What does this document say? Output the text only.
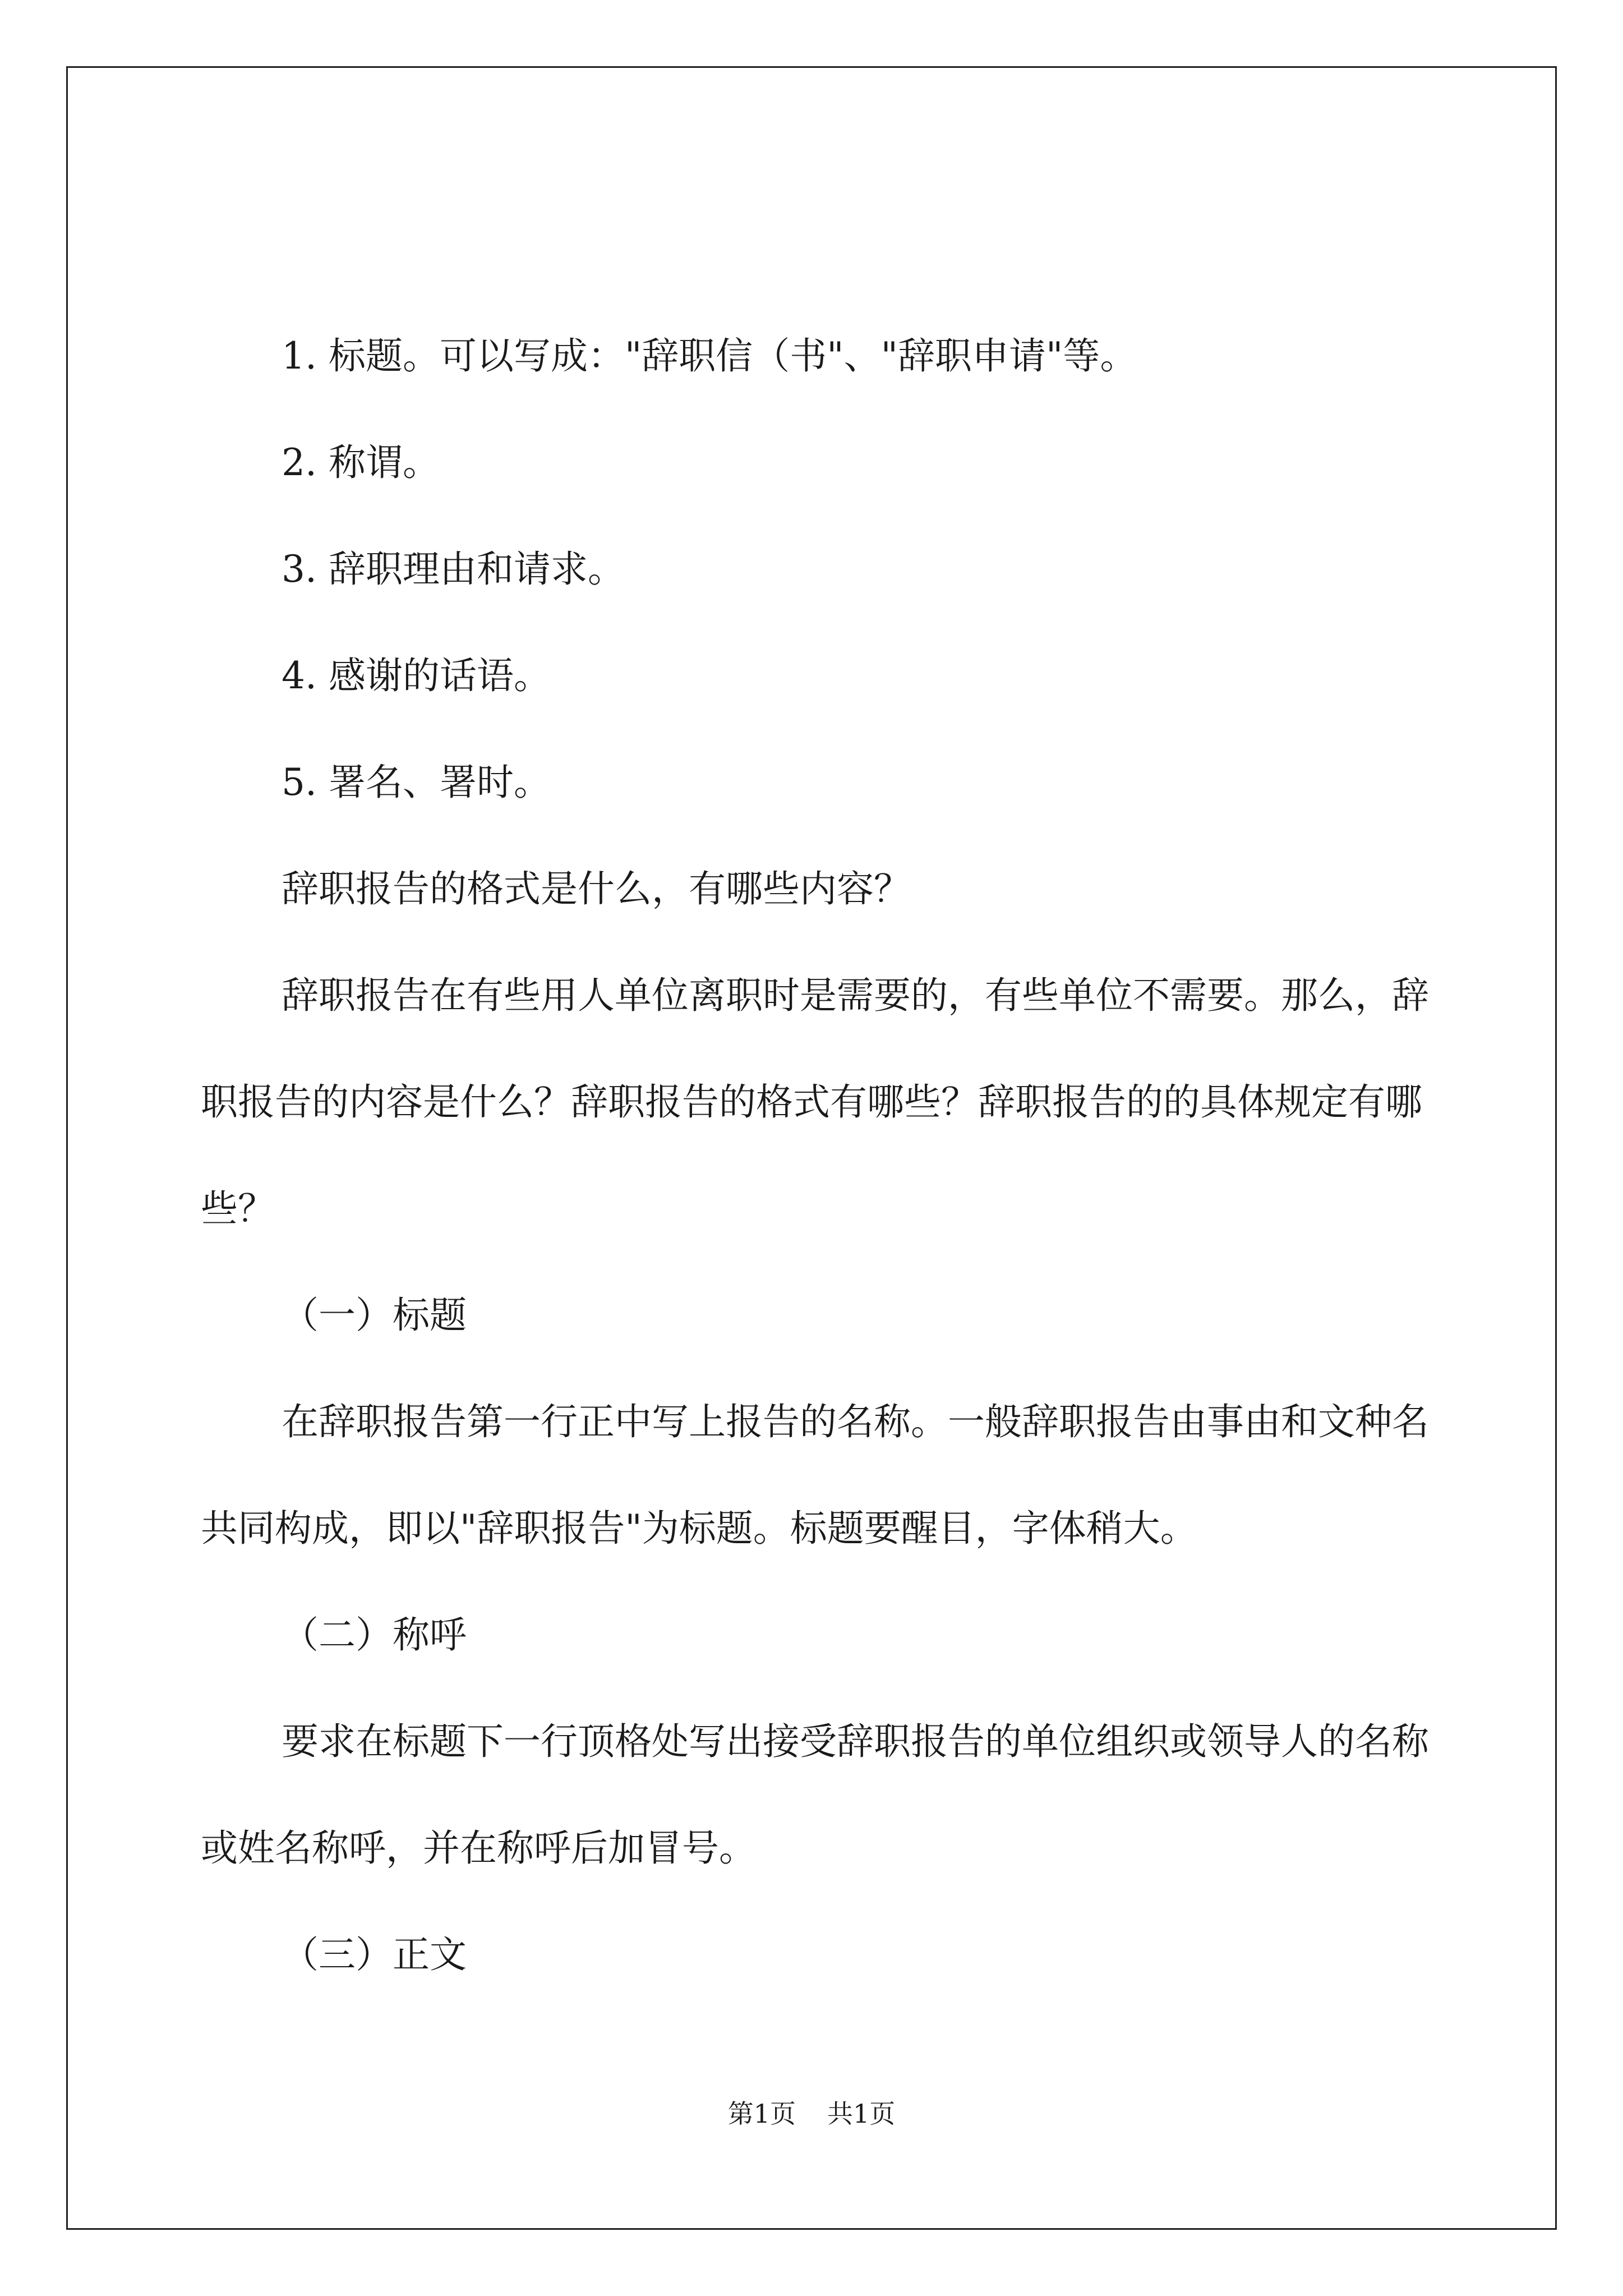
1. 标题。可以写成："辞职信（书"、"辞职申请"等。

2. 称谓。

3. 辞职理由和请求。

4. 感谢的话语。

5. 署名、署时。

辞职报告的格式是什么，有哪些内容？

辞职报告在有些用人单位离职时是需要的，有些单位不需要。那么，辞职报告的内容是什么？辞职报告的格式有哪些？辞职报告的的具体规定有哪些？

（一）标题

在辞职报告第一行正中写上报告的名称。一般辞职报告由事由和文种名共同构成，即以"辞职报告"为标题。标题要醒目，字体稍大。

（二）称呼

要求在标题下一行顶格处写出接受辞职报告的单位组织或领导人的名称或姓名称呼，并在称呼后加冒号。

（三）正文

第1页 共1页
